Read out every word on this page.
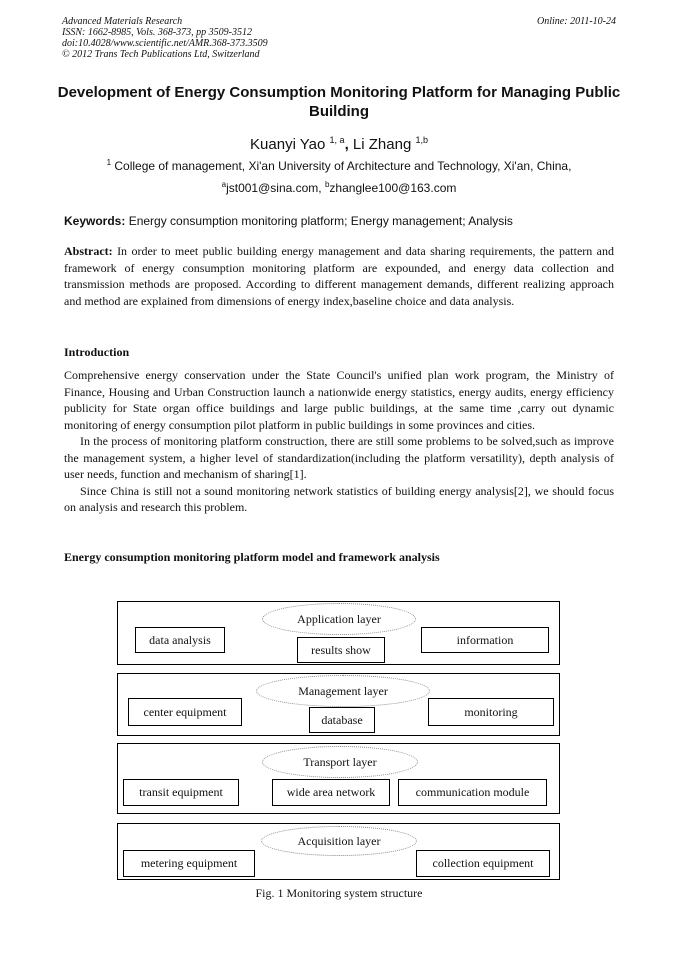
Advanced Materials Research
ISSN: 1662-8985, Vols. 368-373, pp 3509-3512
doi:10.4028/www.scientific.net/AMR.368-373.3509
© 2012 Trans Tech Publications Ltd, Switzerland
Online: 2011-10-24
Development of Energy Consumption Monitoring Platform for Managing Public Building
Kuanyi Yao $^{1, a}$, Li Zhang $^{1,b}$
$^1$ College of management, Xi'an University of Architecture and Technology, Xi'an, China,
$^a$jst001@sina.com, $^b$zhanglee100@163.com
Keywords: Energy consumption monitoring platform; Energy management; Analysis
Abstract: In order to meet public building energy management and data sharing requirements, the pattern and framework of energy consumption monitoring platform are expounded, and energy data collection and transmission methods are proposed. According to different management demands, different realizing approach and method are explained from dimensions of energy index,baseline choice and data analysis.
Introduction
Comprehensive energy conservation under the State Council's unified plan work program, the Ministry of Finance, Housing and Urban Construction launch a nationwide energy statistics, energy audits, energy efficiency publicity for State organ office buildings and large public buildings, at the same time ,carry out dynamic monitoring of energy consumption pilot platform in public buildings in some provinces and cities.
In the process of monitoring platform construction, there are still some problems to be solved,such as improve the management system, a higher level of standardization(including the platform versatility), depth analysis of user needs, function and mechanism of sharing[1].
Since China is still not a sound monitoring network statistics of building energy analysis[2], we should focus on analysis and research this problem.
Energy consumption monitoring platform model and framework analysis
Application layer
data analysis
results show
information
Management layer
center equipment
database
monitoring
Transport layer
transit equipment	wide area network	communication module
Acquisition layer
metering equipment	collection equipment
Fig. 1 Monitoring system structure
